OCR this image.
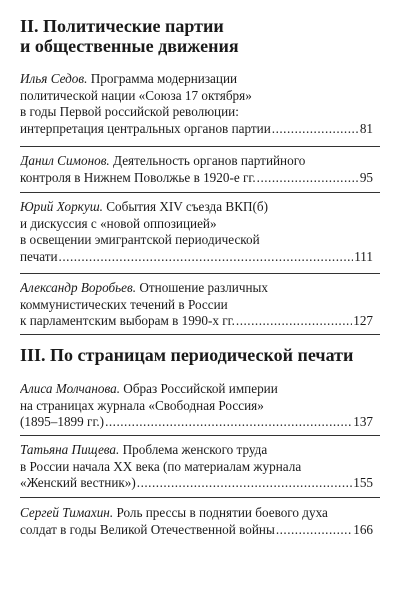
II. Политические партии
и общественные движения
Илья Седов. Программа модернизации
политической нации «Союза 17 октября»
в годы Первой российской революции:
интерпретация центральных органов партии .....	81
Данил Симонов. Деятельность органов партийного
контроля в Нижнем Поволжье в 1920-е гг. .....	95
Юрий Хоркуш. События XIV съезда ВКП(б)
и дискуссия с «новой оппозицией»
в освещении эмигрантской периодической
печати .....	111
Александр Воробьев. Отношение различных
коммунистических течений в России
к парламентским выборам в 1990-х гг. .....	127
III. По страницам периодической печати
Алиса Молчанова. Образ Российской империи
на страницах журнала «Свободная Россия»
(1895–1899 гг.) .....	137
Татьяна Пищева. Проблема женского труда
в России начала XX века (по материалам журнала
«Женский вестник») .....	155
Сергей Тимахин. Роль прессы в поднятии боевого духа
солдат в годы Великой Отечественной войны .....	166
